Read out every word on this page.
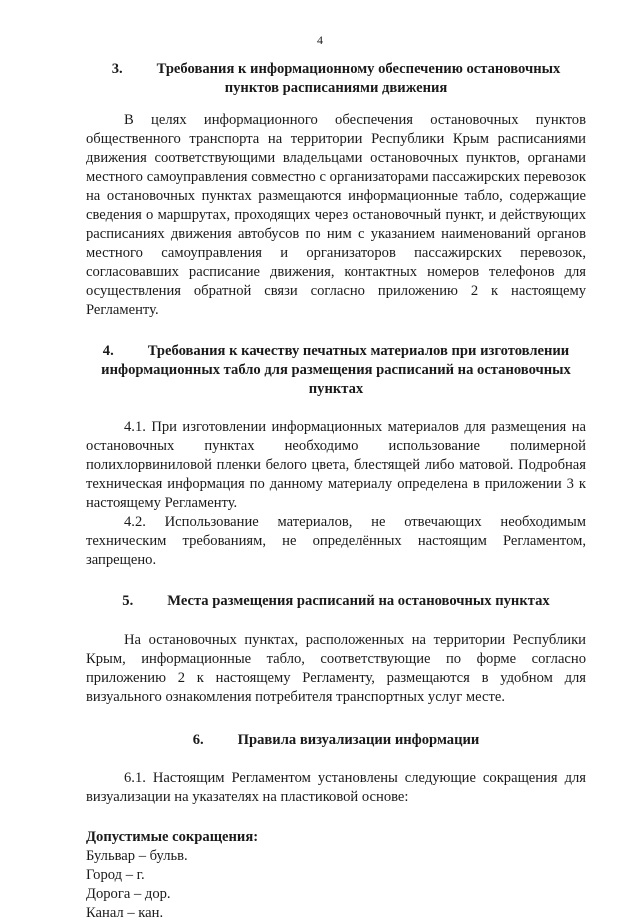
4

3. Требования к информационному обеспечению остановочных пунктов расписаниями движения

В целях информационного обеспечения остановочных пунктов общественного транспорта на территории Республики Крым расписаниями движения соответствующими владельцами остановочных пунктов, органами местного самоуправления совместно с организаторами пассажирских перевозок на остановочных пунктах размещаются информационные табло, содержащие сведения о маршрутах, проходящих через остановочный пункт, и действующих расписаниях движения автобусов по ним с указанием наименований органов местного самоуправления и организаторов пассажирских перевозок, согласовавших расписание движения, контактных номеров телефонов для осуществления обратной связи согласно приложению 2 к настоящему Регламенту.

4. Требования к качеству печатных материалов при изготовлении информационных табло для размещения расписаний на остановочных пунктах

4.1. При изготовлении информационных материалов для размещения на остановочных пунктах необходимо использование полимерной полихлорвиниловой пленки белого цвета, блестящей либо матовой. Подробная техническая информация по данному материалу определена в приложении 3 к настоящему Регламенту.

4.2. Использование материалов, не отвечающих необходимым техническим требованиям, не определённых настоящим Регламентом, запрещено.

5. Места размещения расписаний на остановочных пунктах

На остановочных пунктах, расположенных на территории Республики Крым, информационные табло, соответствующие по форме согласно приложению 2 к настоящему Регламенту, размещаются в удобном для визуального ознакомления потребителя транспортных услуг месте.

6. Правила визуализации информации

6.1. Настоящим Регламентом установлены следующие сокращения для визуализации на указателях на пластиковой основе:

Допустимые сокращения:

Бульвар – бульв.
Город – г.
Дорога – дор.
Канал – кан.
